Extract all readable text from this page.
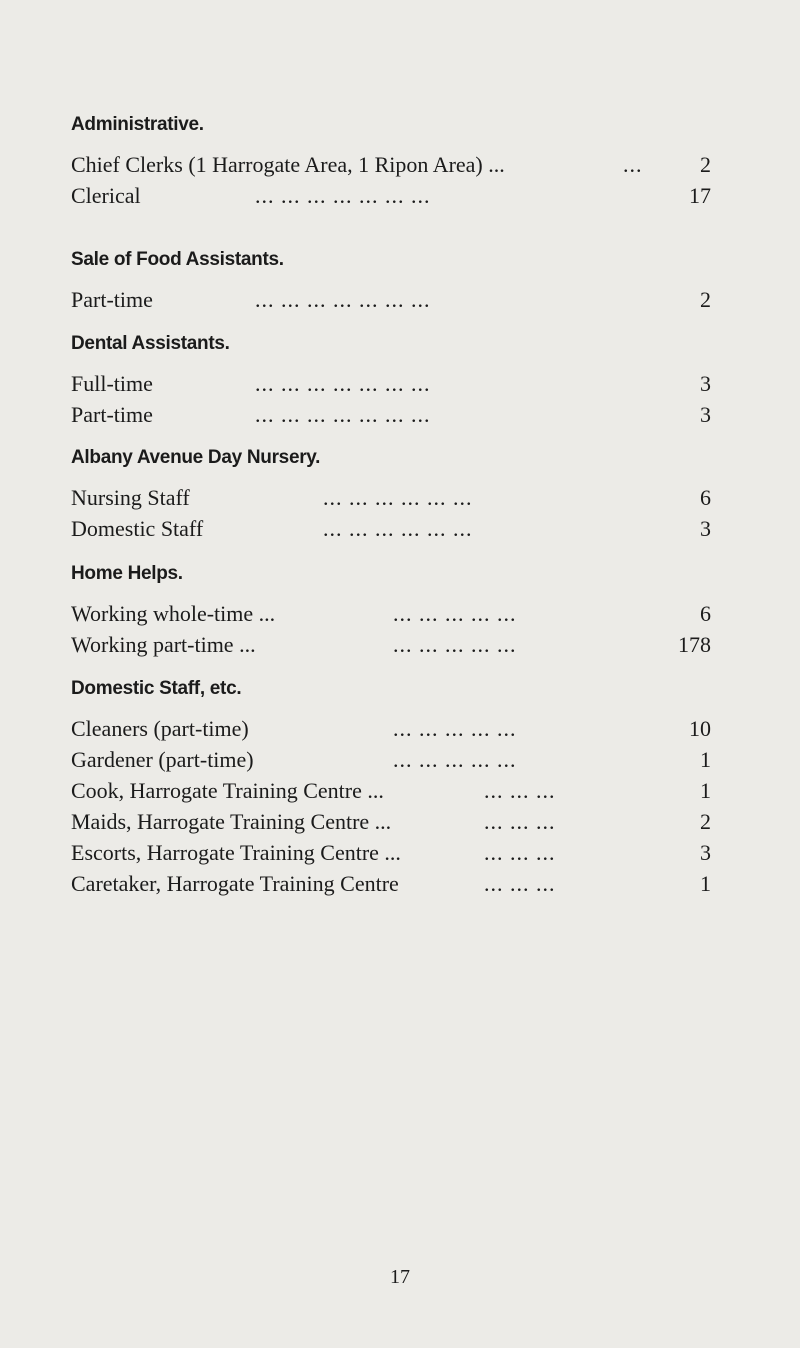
Administrative.
Chief Clerks (1 Harrogate Area, 1 Ripon Area) ...	...	2
Clerical	... ... ... ... ... ... ...	17
Sale of Food Assistants.
Part-time	... ... ... ... ... ... ...	2
Dental Assistants.
Full-time	... ... ... ... ... ... ...	3
Part-time	... ... ... ... ... ... ...	3
Albany Avenue Day Nursery.
Nursing Staff	... ... ... ... ... ...	6
Domestic Staff	... ... ... ... ... ...	3
Home Helps.
Working whole-time ...	... ... ... ... ...	6
Working part-time ...	... ... ... ... ...	178
Domestic Staff, etc.
Cleaners (part-time)	... ... ... ... ...	10
Gardener (part-time)	... ... ... ... ...	1
Cook, Harrogate Training Centre ...	... ... ...	1
Maids, Harrogate Training Centre ...	... ... ...	2
Escorts, Harrogate Training Centre ...	... ... ...	3
Caretaker, Harrogate Training Centre	... ... ...	1
17
